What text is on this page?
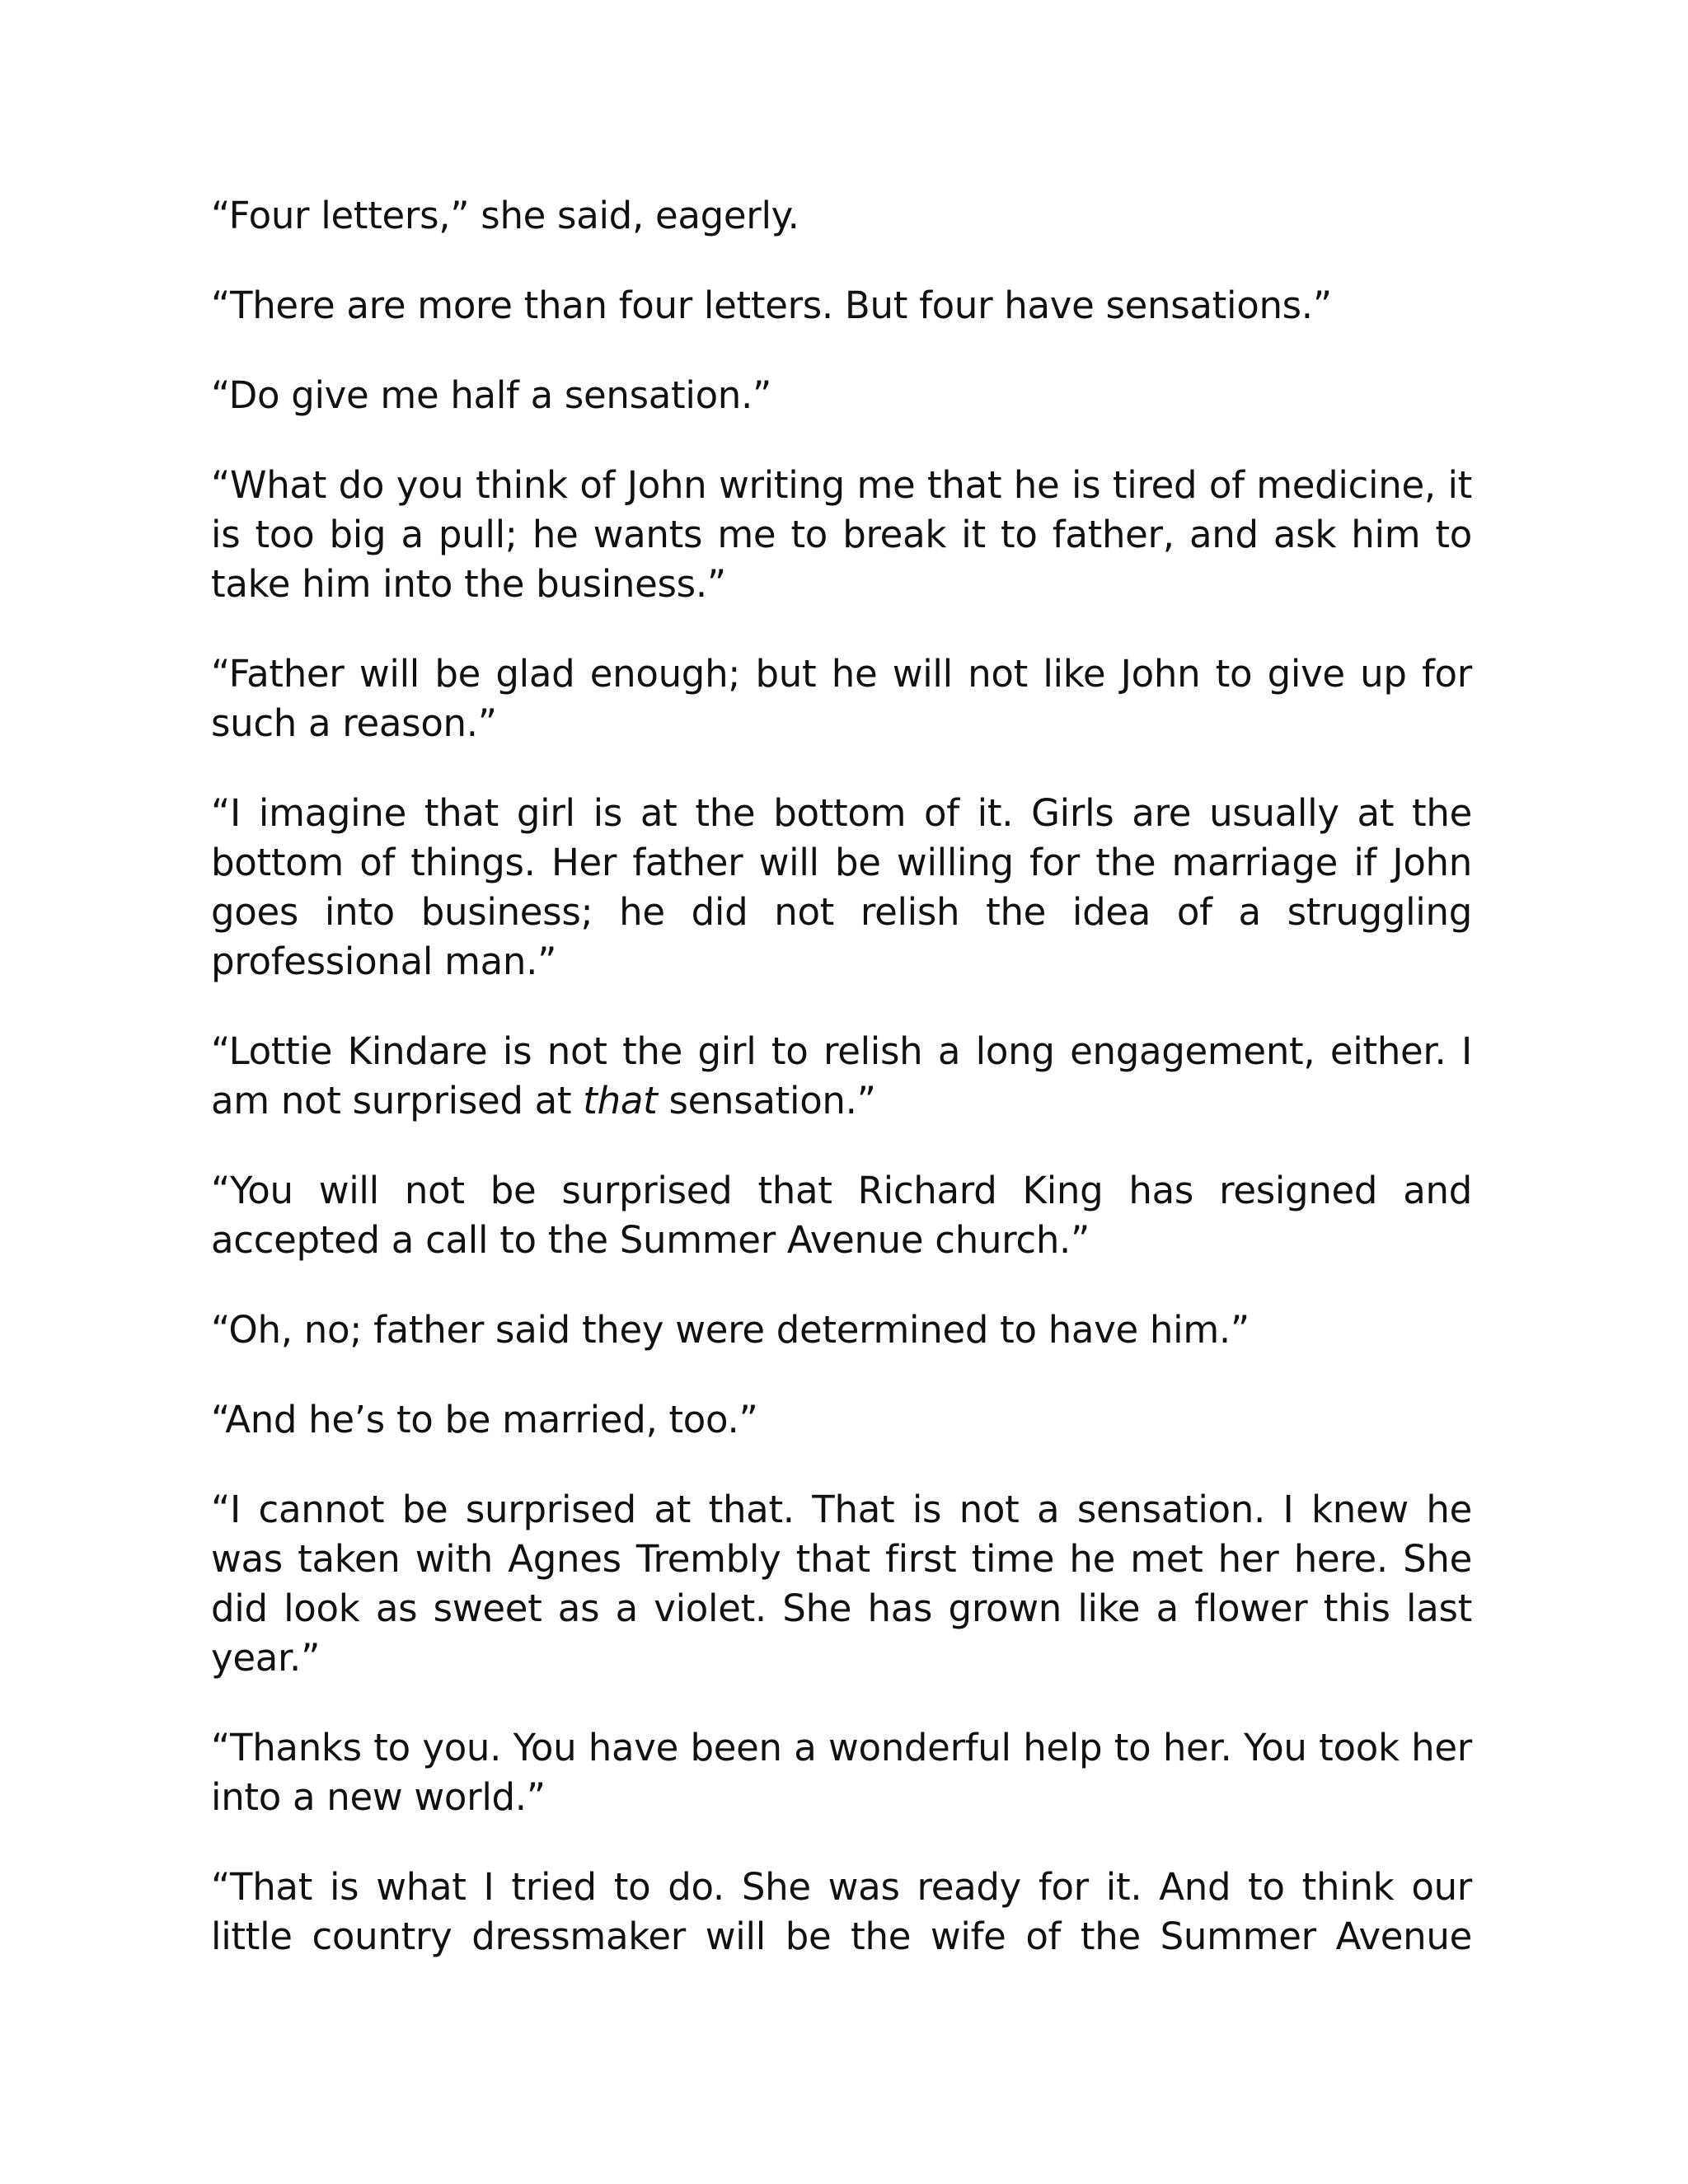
“Four letters,” she said, eagerly.

“There are more than four letters. But four have sensations.”

“Do give me half a sensation.”

“What do you think of John writing me that he is tired of medicine, it is too big a pull; he wants me to break it to father, and ask him to take him into the business.”

“Father will be glad enough; but he will not like John to give up for such a reason.”

“I imagine that girl is at the bottom of it. Girls are usually at the bottom of things. Her father will be willing for the marriage if John goes into business; he did not relish the idea of a struggling professional man.”

“Lottie Kindare is not the girl to relish a long engagement, either. I am not surprised at that sensation.”

“You will not be surprised that Richard King has resigned and accepted a call to the Summer Avenue church.”

“Oh, no; father said they were determined to have him.”

“And he’s to be married, too.”

“I cannot be surprised at that. That is not a sensation. I knew he was taken with Agnes Trembly that first time he met her here. She did look as sweet as a violet. She has grown like a flower this last year.”

“Thanks to you. You have been a wonderful help to her. You took her into a new world.”

“That is what I tried to do. She was ready for it. And to think our little country dressmaker will be the wife of the Summer Avenue
